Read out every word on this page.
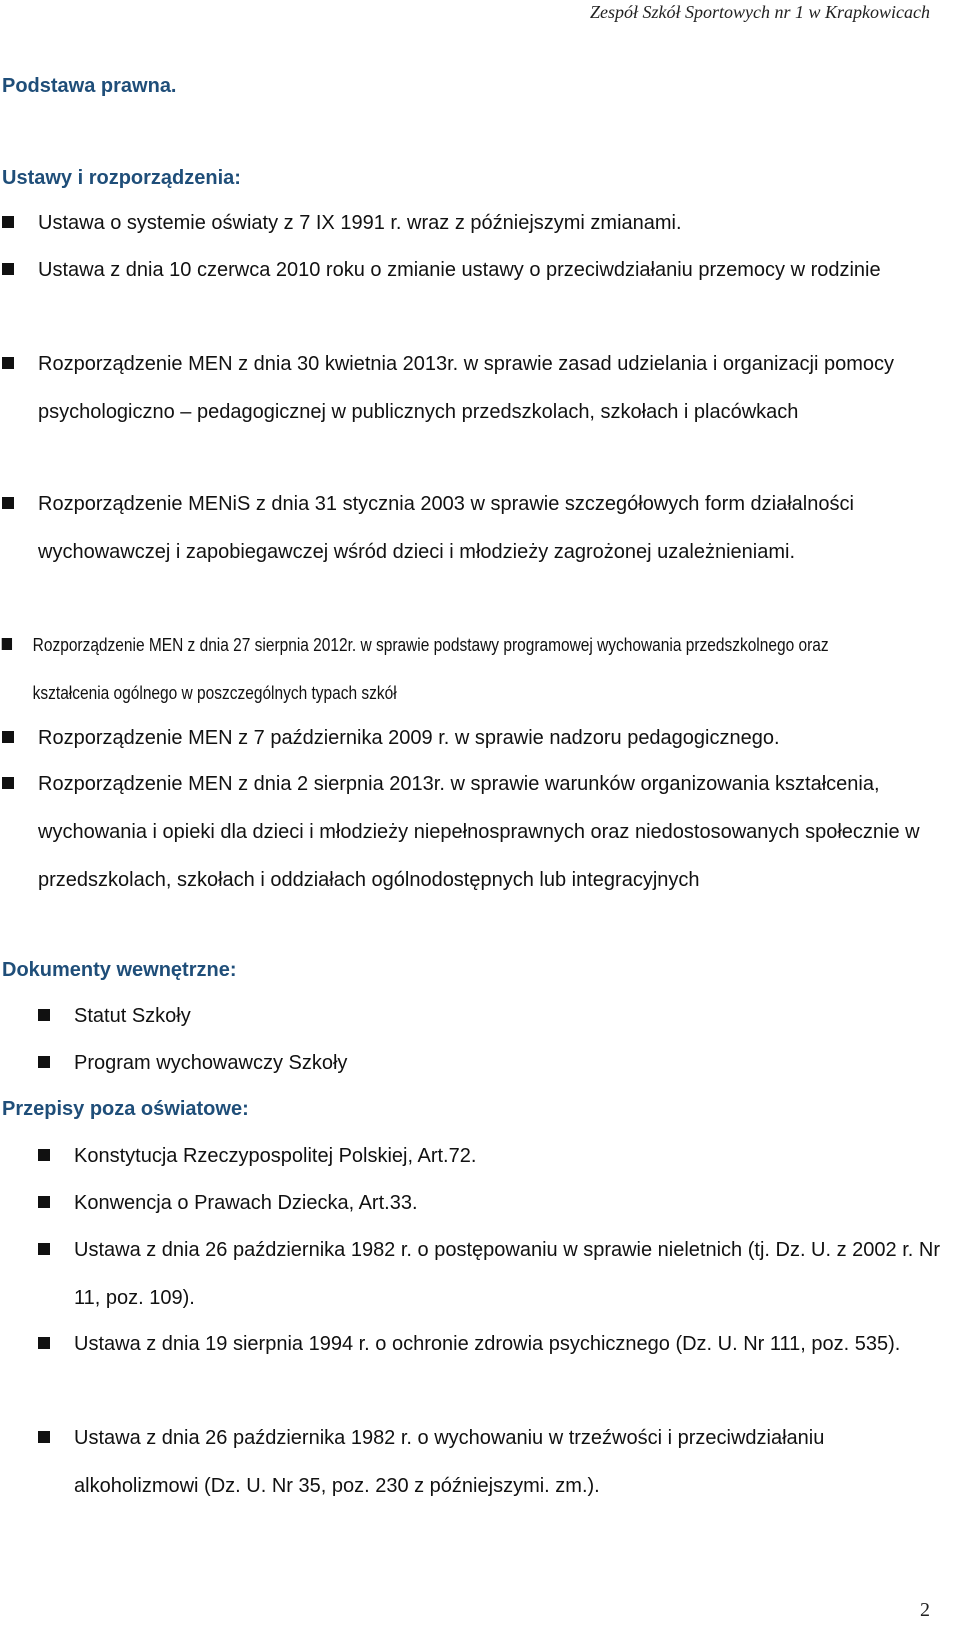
Zespół Szkół Sportowych nr 1 w Krapkowicach
Podstawa prawna.
Ustawy i rozporządzenia:
Ustawa o systemie oświaty z 7 IX 1991 r. wraz z późniejszymi zmianami.
Ustawa z dnia 10 czerwca 2010 roku o zmianie ustawy o przeciwdziałaniu przemocy w rodzinie
Rozporządzenie MEN z dnia 30 kwietnia 2013r. w sprawie zasad udzielania i organizacji pomocy psychologiczno – pedagogicznej w publicznych przedszkolach, szkołach i placówkach
Rozporządzenie MENiS z dnia 31 stycznia 2003 w sprawie szczegółowych form działalności wychowawczej i zapobiegawczej wśród dzieci i młodzieży zagrożonej uzależnieniami.
Rozporządzenie MEN z dnia 27 sierpnia 2012r. w sprawie podstawy programowej wychowania przedszkolnego oraz kształcenia ogólnego w poszczególnych typach szkół
Rozporządzenie MEN z 7 października 2009 r. w sprawie nadzoru pedagogicznego.
Rozporządzenie MEN z dnia 2 sierpnia 2013r. w sprawie warunków organizowania kształcenia, wychowania i opieki dla dzieci i młodzieży niepełnosprawnych oraz niedostosowanych społecznie w przedszkolach, szkołach i oddziałach ogólnodostępnych lub integracyjnych
Dokumenty wewnętrzne:
Statut Szkoły
Program wychowawczy Szkoły
Przepisy poza oświatowe:
Konstytucja Rzeczypospolitej Polskiej, Art.72.
Konwencja o Prawach Dziecka, Art.33.
Ustawa z dnia 26 października 1982 r. o postępowaniu w sprawie nieletnich (tj. Dz. U. z 2002 r. Nr 11, poz. 109).
Ustawa z dnia 19 sierpnia 1994 r. o ochronie zdrowia psychicznego (Dz. U. Nr 111, poz. 535).
Ustawa z dnia 26 października 1982 r. o wychowaniu w trzeźwości i przeciwdziałaniu alkoholizmowi (Dz. U. Nr 35, poz. 230 z późniejszymi. zm.).
2
